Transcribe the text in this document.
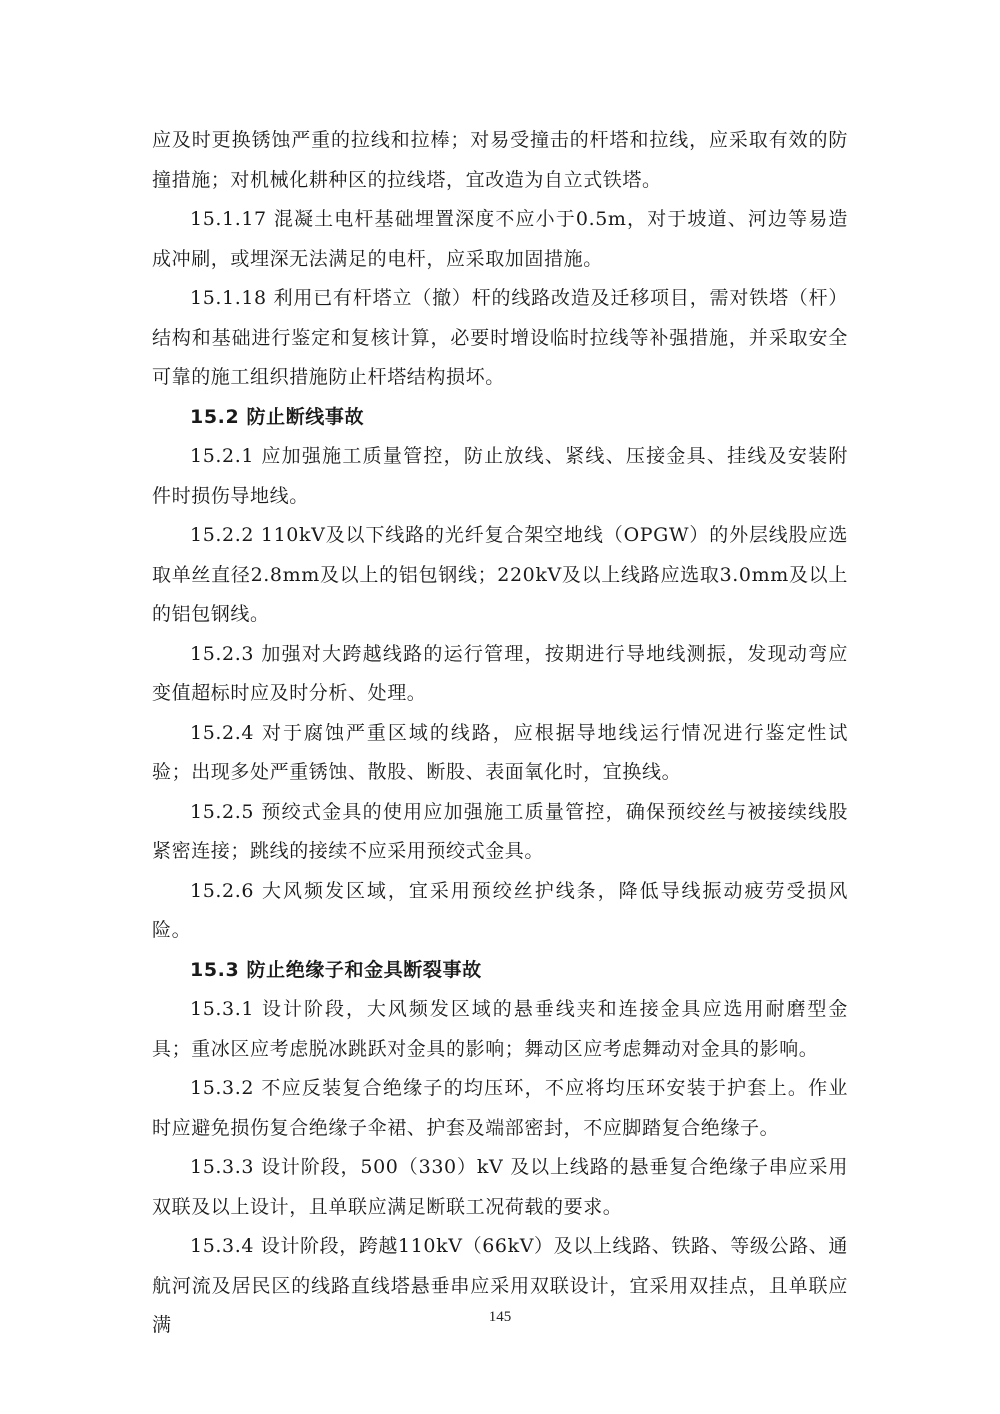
应及时更换锈蚀严重的拉线和拉棒；对易受撞击的杆塔和拉线，应采取有效的防撞措施；对机械化耕种区的拉线塔，宜改造为自立式铁塔。

15.1.17 混凝土电杆基础埋置深度不应小于0.5m，对于坡道、河边等易造成冲刷，或埋深无法满足的电杆，应采取加固措施。

15.1.18 利用已有杆塔立（撤）杆的线路改造及迁移项目，需对铁塔（杆）结构和基础进行鉴定和复核计算，必要时增设临时拉线等补强措施，并采取安全可靠的施工组织措施防止杆塔结构损坏。

15.2 防止断线事故

15.2.1 应加强施工质量管控，防止放线、紧线、压接金具、挂线及安装附件时损伤导地线。

15.2.2 110kV及以下线路的光纤复合架空地线（OPGW）的外层线股应选取单丝直径2.8mm及以上的铝包钢线；220kV及以上线路应选取3.0mm及以上的铝包钢线。

15.2.3 加强对大跨越线路的运行管理，按期进行导地线测振，发现动弯应变值超标时应及时分析、处理。

15.2.4 对于腐蚀严重区域的线路，应根据导地线运行情况进行鉴定性试验；出现多处严重锈蚀、散股、断股、表面氧化时，宜换线。

15.2.5 预绞式金具的使用应加强施工质量管控，确保预绞丝与被接续线股紧密连接；跳线的接续不应采用预绞式金具。

15.2.6 大风频发区域，宜采用预绞丝护线条，降低导线振动疲劳受损风险。

15.3 防止绝缘子和金具断裂事故

15.3.1 设计阶段，大风频发区域的悬垂线夹和连接金具应选用耐磨型金具；重冰区应考虑脱冰跳跃对金具的影响；舞动区应考虑舞动对金具的影响。

15.3.2 不应反装复合绝缘子的均压环，不应将均压环安装于护套上。作业时应避免损伤复合绝缘子伞裙、护套及端部密封，不应脚踏复合绝缘子。

15.3.3 设计阶段，500（330）kV 及以上线路的悬垂复合绝缘子串应采用双联及以上设计，且单联应满足断联工况荷载的要求。

15.3.4 设计阶段，跨越110kV（66kV）及以上线路、铁路、等级公路、通航河流及居民区的线路直线塔悬垂串应采用双联设计，宜采用双挂点，且单联应满	145
